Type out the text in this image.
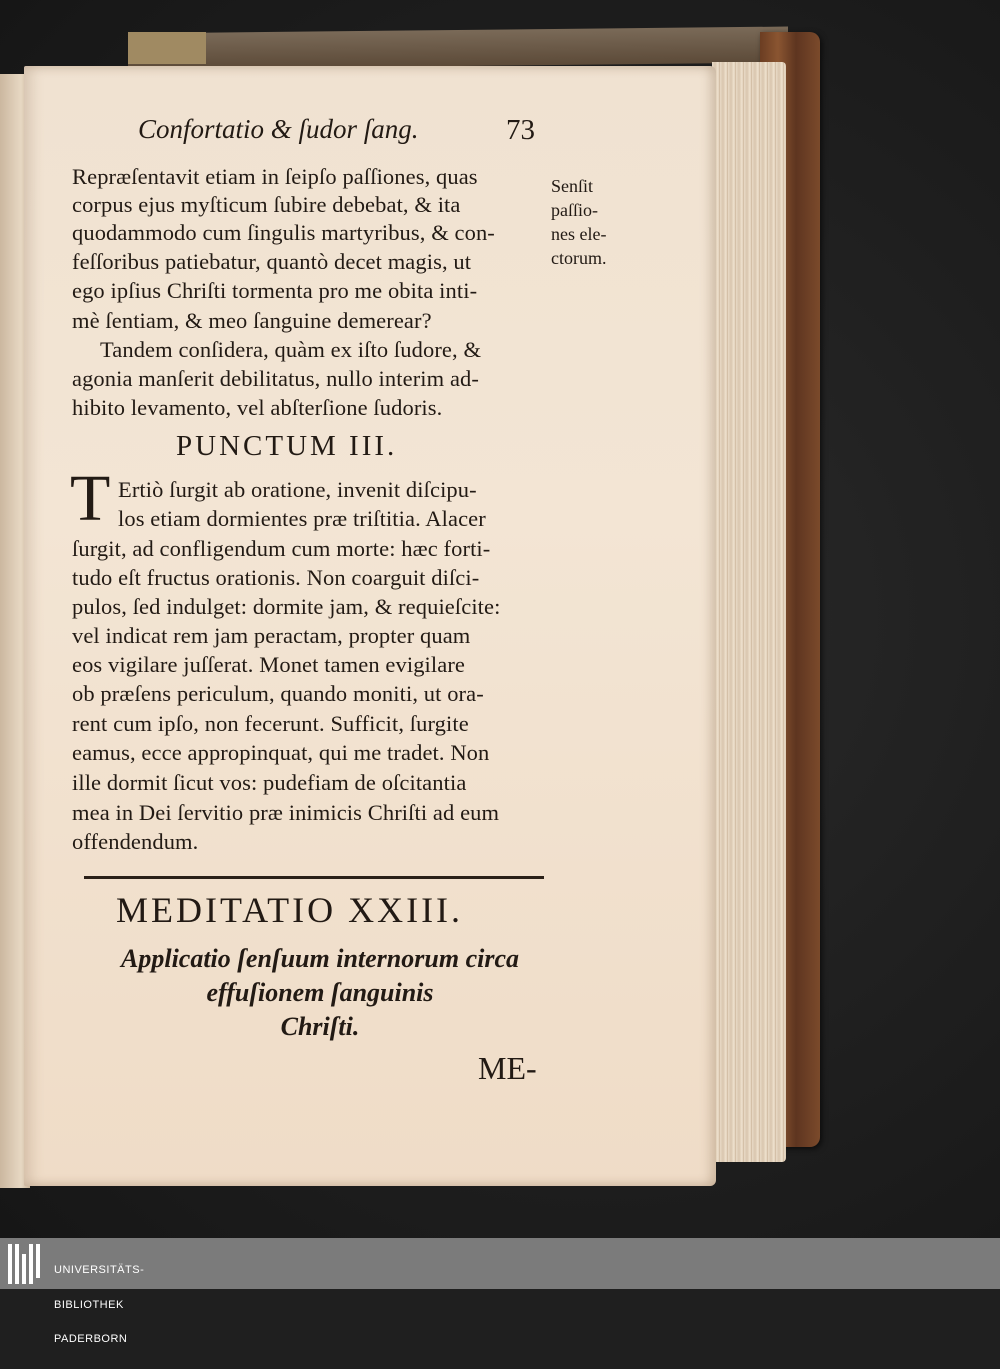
Confortatio & ſudor ſang.	73
Repræſentavit etiam in ſeipſo paſſiones, quas
corpus ejus myſticum ſubire debebat, & ita
quodammodo cum ſingulis martyribus, & con-
feſſoribus patiebatur, quantò decet magis, ut
ego ipſius Chriſti tormenta pro me obita inti-
mè ſentiam, & meo ſanguine demerear?
Senſit
paſſio-
nes ele-
ctorum.
Tandem conſidera, quàm ex iſto ſudore, &
agonia manſerit debilitatus, nullo interim ad-
hibito levamento, vel abſterſione ſudoris.
PUNCTUM III.
T Ertiò ſurgit ab oratione, invenit diſcipu-
los etiam dormientes præ triſtitia. Alacer
ſurgit, ad confligendum cum morte: hæc forti-
tudo eſt fructus orationis. Non coarguit diſci-
pulos, ſed indulget: dormite jam, & requieſcite:
vel indicat rem jam peractam, propter quam
eos vigilare juſſerat. Monet tamen evigilare
ob præſens periculum, quando moniti, ut ora-
rent cum ipſo, non fecerunt. Sufficit, ſurgite
eamus, ecce appropinquat, qui me tradet. Non
ille dormit ſicut vos: pudefiam de oſcitantia
mea in Dei ſervitio præ inimicis Chriſti ad eum
offendendum.
MEDITATIO XXIII.
Applicatio ſenſuum internorum circa
effuſionem ſanguinis
Chriſti.
ME-

UNIVERSITÄTS-

BIBLIOTHEK

PADERBORN
